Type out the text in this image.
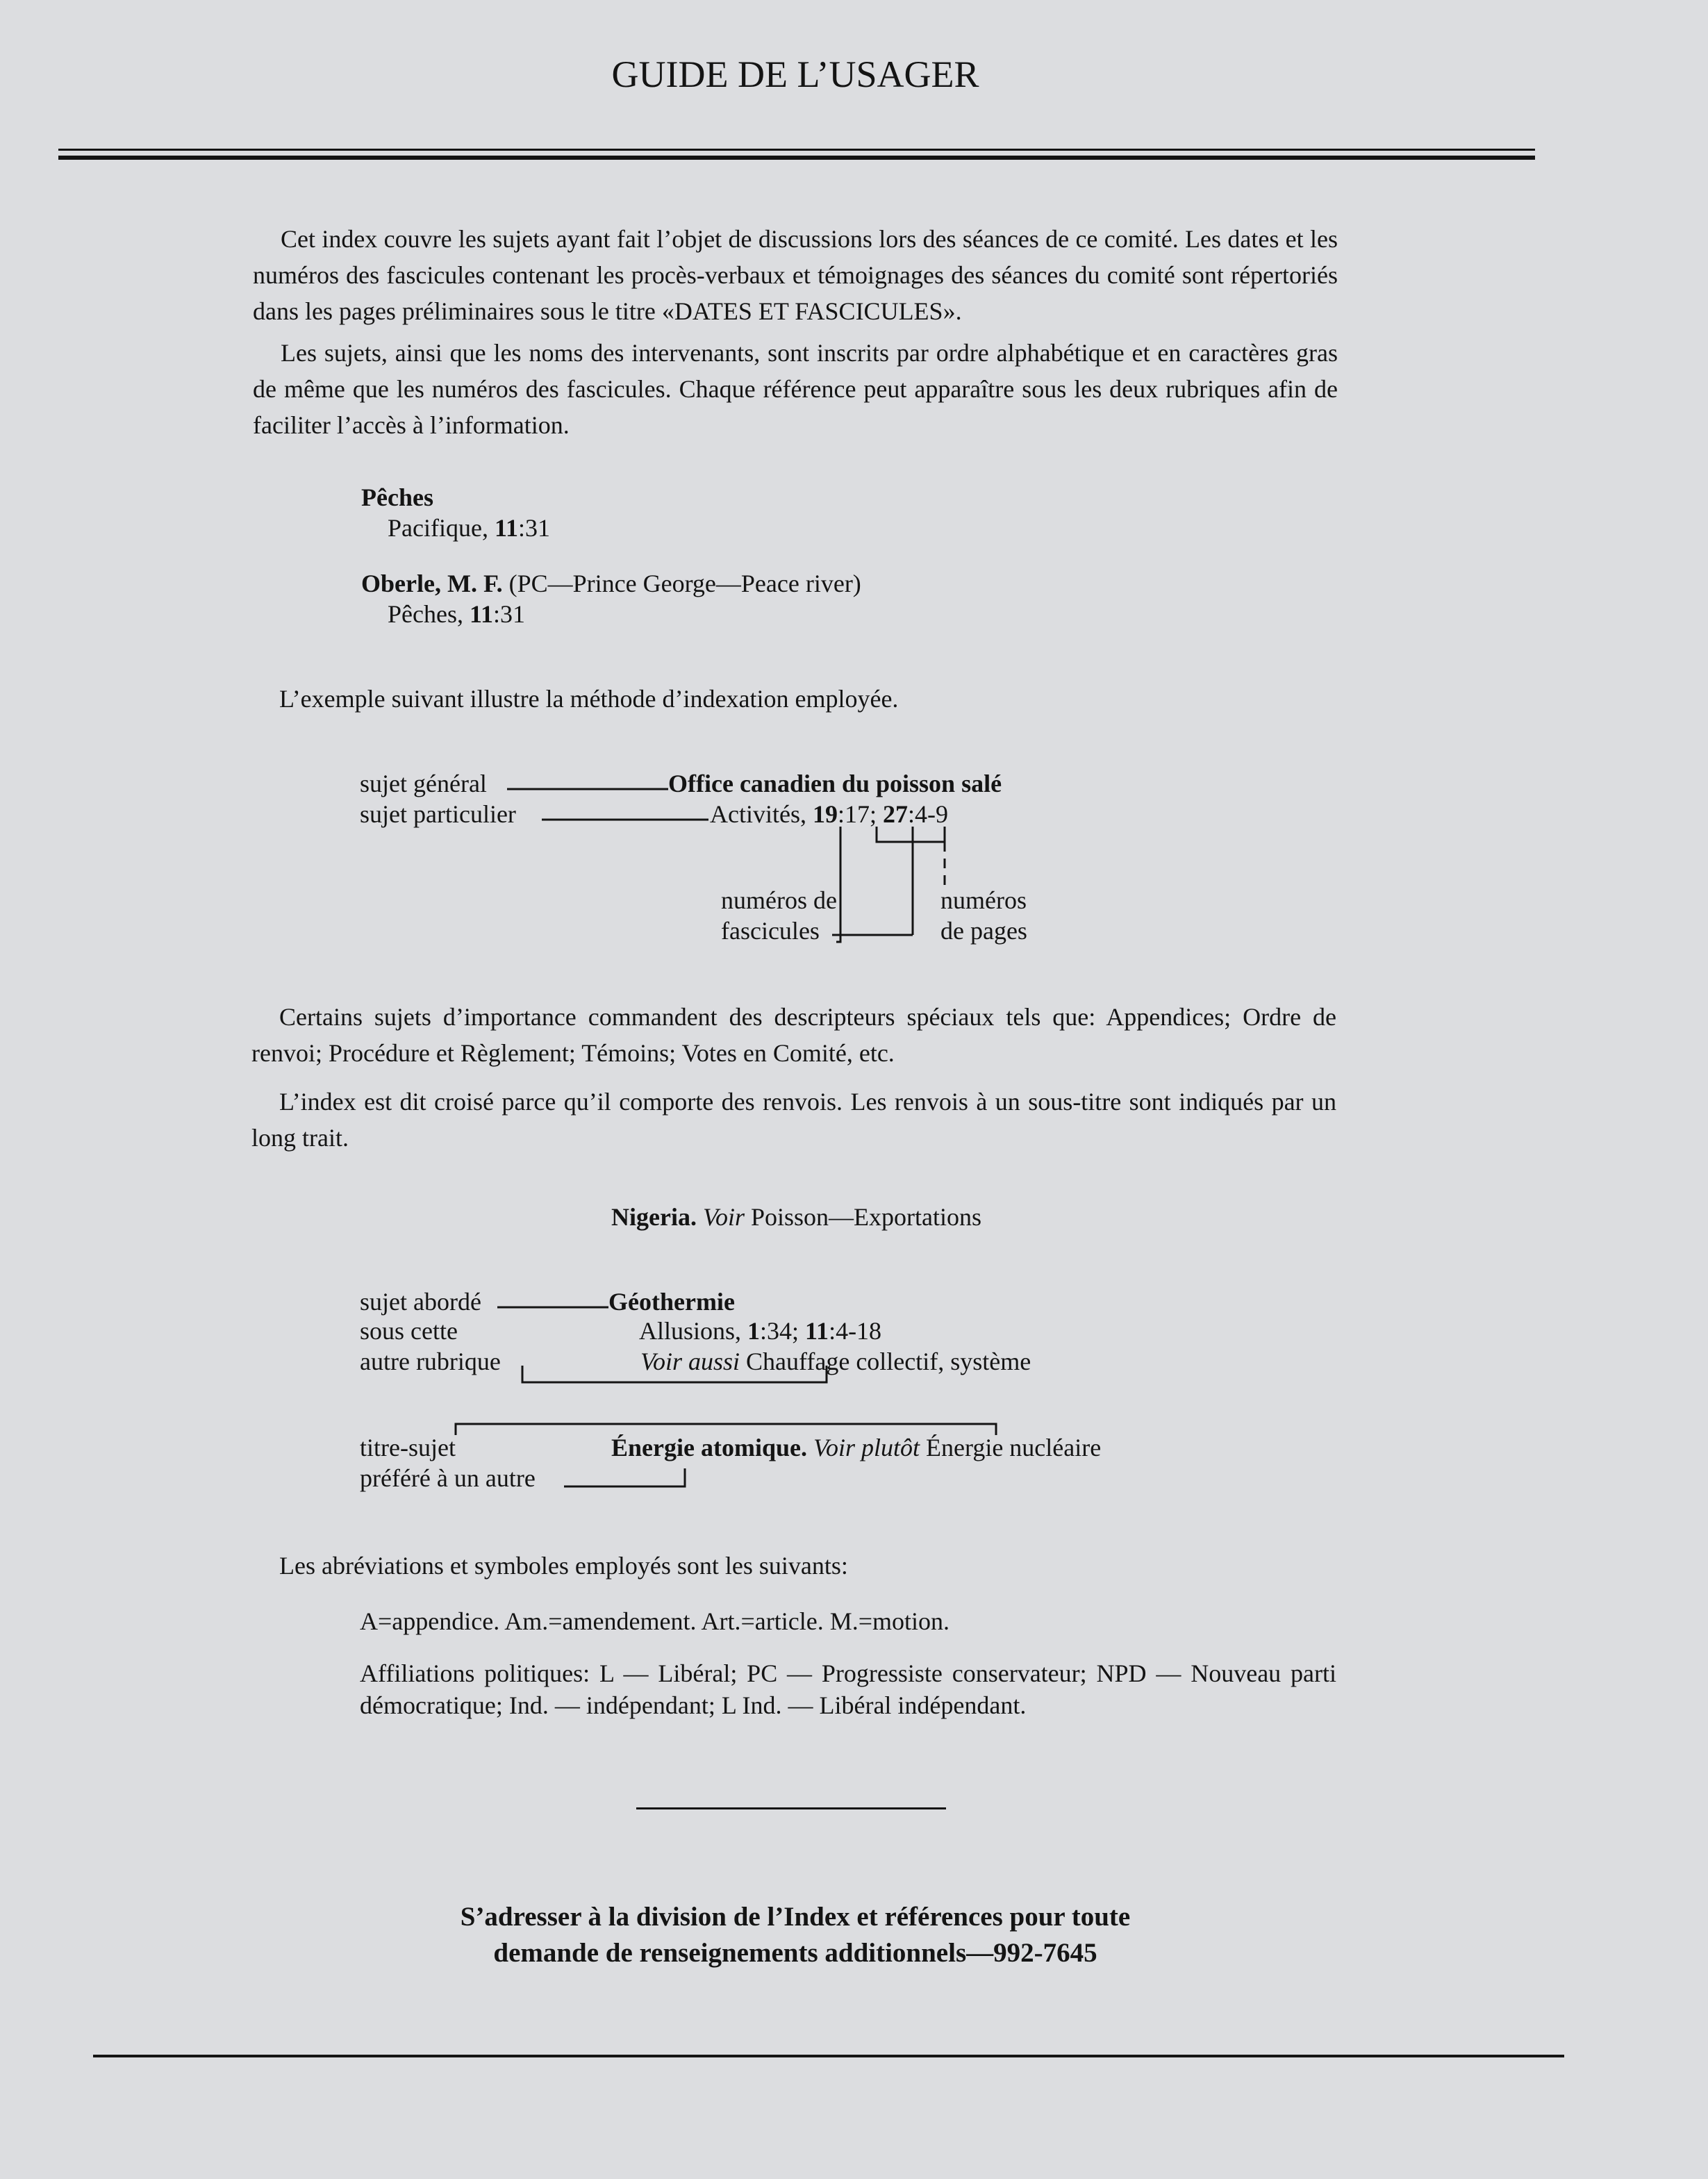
GUIDE DE L’USAGER
Cet index couvre les sujets ayant fait l’objet de discussions lors des séances de ce comité. Les dates et les numéros des fascicules contenant les procès-verbaux et témoignages des séances du comité sont répertoriés dans les pages préliminaires sous le titre «DATES ET FASCICULES».
Les sujets, ainsi que les noms des intervenants, sont inscrits par ordre alphabétique et en caractères gras de même que les numéros des fascicules. Chaque référence peut apparaître sous les deux rubriques afin de faciliter l’accès à l’information.
Pêches
Pacifique, 11:31
Oberle, M. F. (PC—Prince George—Peace river)
Pêches, 11:31
L’exemple suivant illustre la méthode d’indexation employée.
sujet général
sujet particulier
Office canadien du poisson salé
Activités, 19:17; 27:4-9
numéros de
fascicules
numéros
de pages
Certains sujets d’importance commandent des descripteurs spéciaux tels que: Appendices; Ordre de renvoi; Procédure et Règlement; Témoins; Votes en Comité, etc.
L’index est dit croisé parce qu’il comporte des renvois. Les renvois à un sous-titre sont indiqués par un long trait.
Nigeria. Voir Poisson—Exportations
sujet abordé
sous cette
autre rubrique
Géothermie
Allusions, 1:34; 11:4-18
Voir aussi Chauffage collectif, système
titre-sujet
préféré à un autre
Énergie atomique. Voir plutôt Énergie nucléaire
Les abréviations et symboles employés sont les suivants:
A=appendice. Am.=amendement. Art.=article. M.=motion.
Affiliations politiques: L — Libéral; PC — Progressiste conservateur; NPD — Nouveau parti démocratique; Ind. — indépendant; L Ind. — Libéral indépendant.
S’adresser à la division de l’Index et références pour toute
demande de renseignements additionnels—992-7645
